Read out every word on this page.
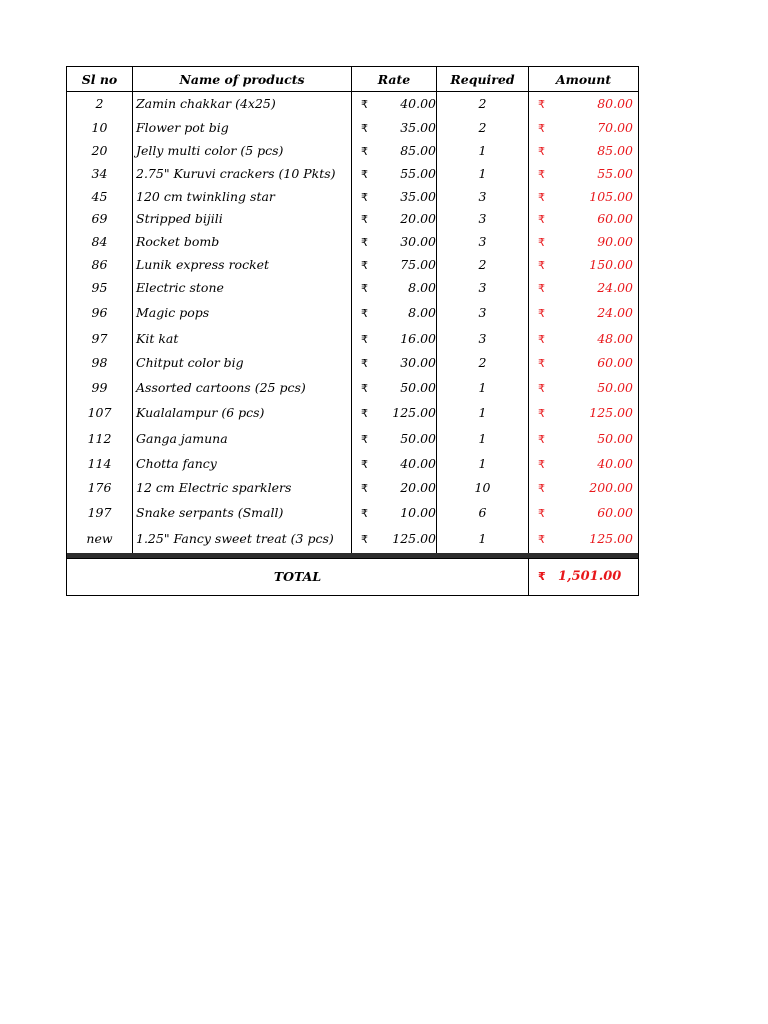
Sl no	Name of products	Rate	Required	Amount
2	Zamin chakkar (4x25)	₹ 40.00	2	₹ 80.00
10	Flower pot big	₹ 35.00	2	₹ 70.00
20	Jelly multi color (5 pcs)	₹ 85.00	1	₹ 85.00
34	2.75" Kuruvi crackers (10 Pkts)	₹ 55.00	1	₹ 55.00
45	120 cm twinkling star	₹ 35.00	3	₹ 105.00
69	Stripped bijili	₹ 20.00	3	₹ 60.00
84	Rocket bomb	₹ 30.00	3	₹ 90.00
86	Lunik express rocket	₹ 75.00	2	₹ 150.00
95	Electric stone	₹ 8.00	3	₹ 24.00
96	Magic pops	₹ 8.00	3	₹ 24.00
97	Kit kat	₹ 16.00	3	₹ 48.00
98	Chitput color big	₹ 30.00	2	₹ 60.00
99	Assorted cartoons (25 pcs)	₹ 50.00	1	₹ 50.00
107	Kualalampur (6 pcs)	₹ 125.00	1	₹ 125.00
112	Ganga jamuna	₹ 50.00	1	₹ 50.00
114	Chotta fancy	₹ 40.00	1	₹ 40.00
176	12 cm Electric sparklers	₹ 20.00	10	₹ 200.00
197	Snake serpants (Small)	₹ 10.00	6	₹ 60.00
new	1.25" Fancy sweet treat (3 pcs)	₹ 125.00	1	₹ 125.00

TOTAL				₹ 1,501.00
